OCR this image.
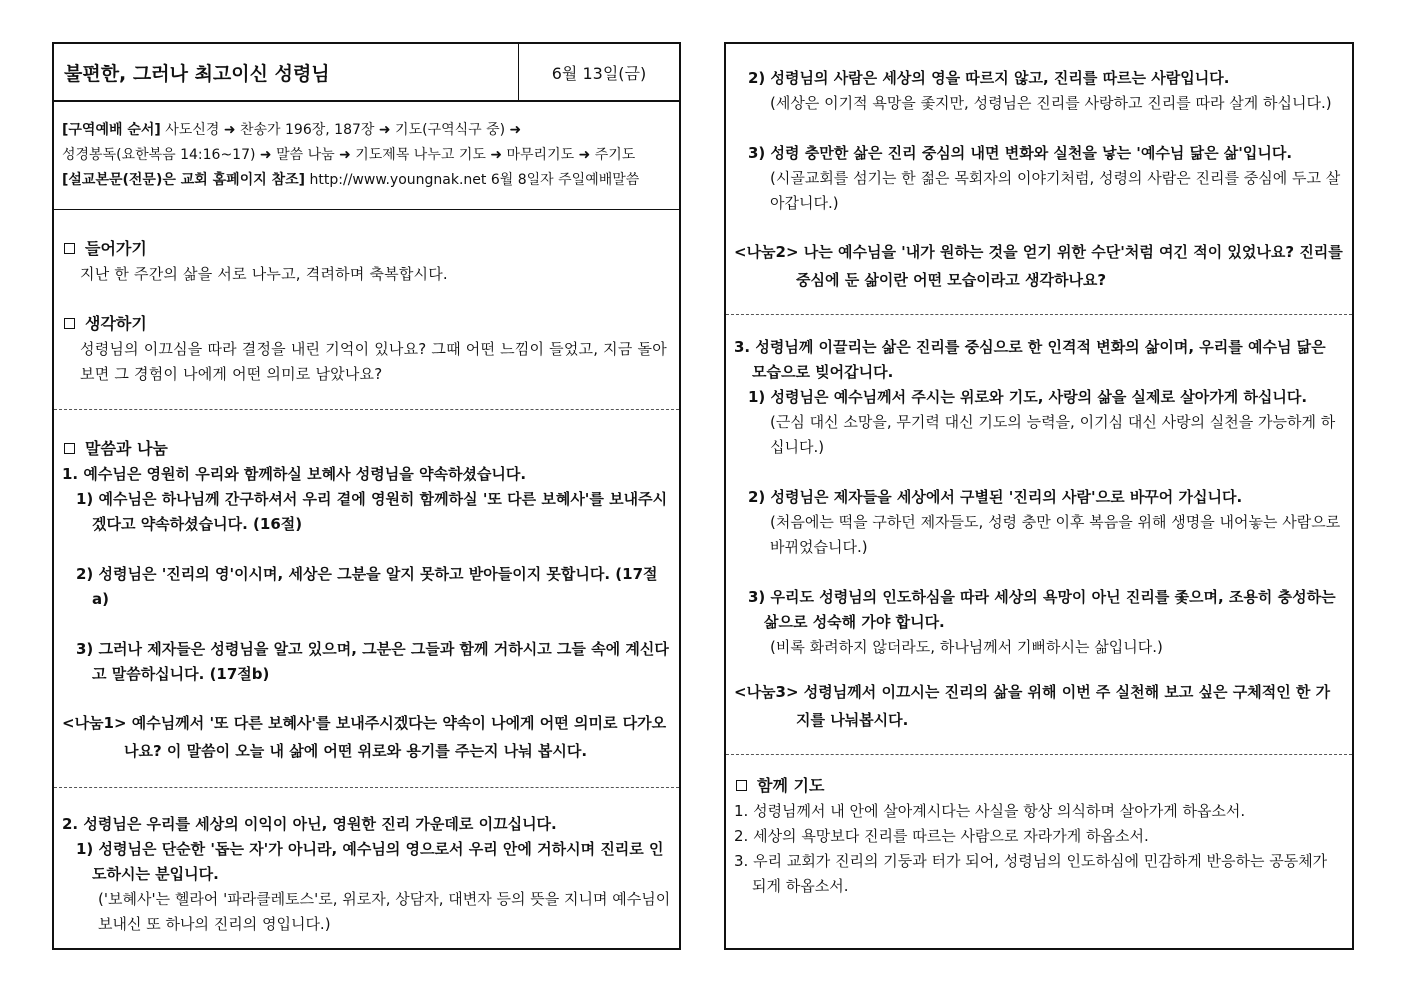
불편한, 그러나 최고이신 성령님	6월 13일(금)
[구역예배 순서] 사도신경 ➜ 찬송가 196장, 187장 ➜ 기도(구역식구 중) ➜
성경봉독(요한복음 14:16~17) ➜ 말씀 나눔 ➜ 기도제목 나누고 기도 ➜ 마무리기도 ➜ 주기도
[설교본문(전문)은 교회 홈페이지 참조] http://www.youngnak.net 6월 8일자 주일예배말씀
들어가기
지난 한 주간의 삶을 서로 나누고, 격려하며 축복합시다.
생각하기
성령님의 이끄심을 따라 결정을 내린 기억이 있나요? 그때 어떤 느낌이 들었고, 지금 돌아보면 그 경험이 나에게 어떤 의미로 남았나요?
말씀과 나눔
1. 예수님은 영원히 우리와 함께하실 보혜사 성령님을 약속하셨습니다.
1) 예수님은 하나님께 간구하셔서 우리 곁에 영원히 함께하실 '또 다른 보혜사'를 보내주시겠다고 약속하셨습니다. (16절)
2) 성령님은 '진리의 영'이시며, 세상은 그분을 알지 못하고 받아들이지 못합니다. (17절a)
3) 그러나 제자들은 성령님을 알고 있으며, 그분은 그들과 함께 거하시고 그들 속에 계신다고 말씀하십니다. (17절b)
<나눔1> 예수님께서 '또 다른 보혜사'를 보내주시겠다는 약속이 나에게 어떤 의미로 다가오나요? 이 말씀이 오늘 내 삶에 어떤 위로와 용기를 주는지 나눠 봅시다.
2. 성령님은 우리를 세상의 이익이 아닌, 영원한 진리 가운데로 이끄십니다.
1) 성령님은 단순한 '돕는 자'가 아니라, 예수님의 영으로서 우리 안에 거하시며 진리로 인도하시는 분입니다.
('보혜사'는 헬라어 '파라클레토스'로, 위로자, 상담자, 대변자 등의 뜻을 지니며 예수님이 보내신 또 하나의 진리의 영입니다.)
2) 성령님의 사람은 세상의 영을 따르지 않고, 진리를 따르는 사람입니다.
(세상은 이기적 욕망을 좇지만, 성령님은 진리를 사랑하고 진리를 따라 살게 하십니다.)
3) 성령 충만한 삶은 진리 중심의 내면 변화와 실천을 낳는 '예수님 닮은 삶'입니다.
(시골교회를 섬기는 한 젊은 목회자의 이야기처럼, 성령의 사람은 진리를 중심에 두고 살아갑니다.)
<나눔2> 나는 예수님을 '내가 원하는 것을 얻기 위한 수단'처럼 여긴 적이 있었나요? 진리를 중심에 둔 삶이란 어떤 모습이라고 생각하나요?
3. 성령님께 이끌리는 삶은 진리를 중심으로 한 인격적 변화의 삶이며, 우리를 예수님 닮은 모습으로 빚어갑니다.
1) 성령님은 예수님께서 주시는 위로와 기도, 사랑의 삶을 실제로 살아가게 하십니다.
(근심 대신 소망을, 무기력 대신 기도의 능력을, 이기심 대신 사랑의 실천을 가능하게 하십니다.)
2) 성령님은 제자들을 세상에서 구별된 '진리의 사람'으로 바꾸어 가십니다.
(처음에는 떡을 구하던 제자들도, 성령 충만 이후 복음을 위해 생명을 내어놓는 사람으로 바뀌었습니다.)
3) 우리도 성령님의 인도하심을 따라 세상의 욕망이 아닌 진리를 좇으며, 조용히 충성하는 삶으로 성숙해 가야 합니다.
(비록 화려하지 않더라도, 하나님께서 기뻐하시는 삶입니다.)
<나눔3> 성령님께서 이끄시는 진리의 삶을 위해 이번 주 실천해 보고 싶은 구체적인 한 가지를 나눠봅시다.
함께 기도
1. 성령님께서 내 안에 살아계시다는 사실을 항상 의식하며 살아가게 하옵소서.
2. 세상의 욕망보다 진리를 따르는 사람으로 자라가게 하옵소서.
3. 우리 교회가 진리의 기둥과 터가 되어, 성령님의 인도하심에 민감하게 반응하는 공동체가 되게 하옵소서.
